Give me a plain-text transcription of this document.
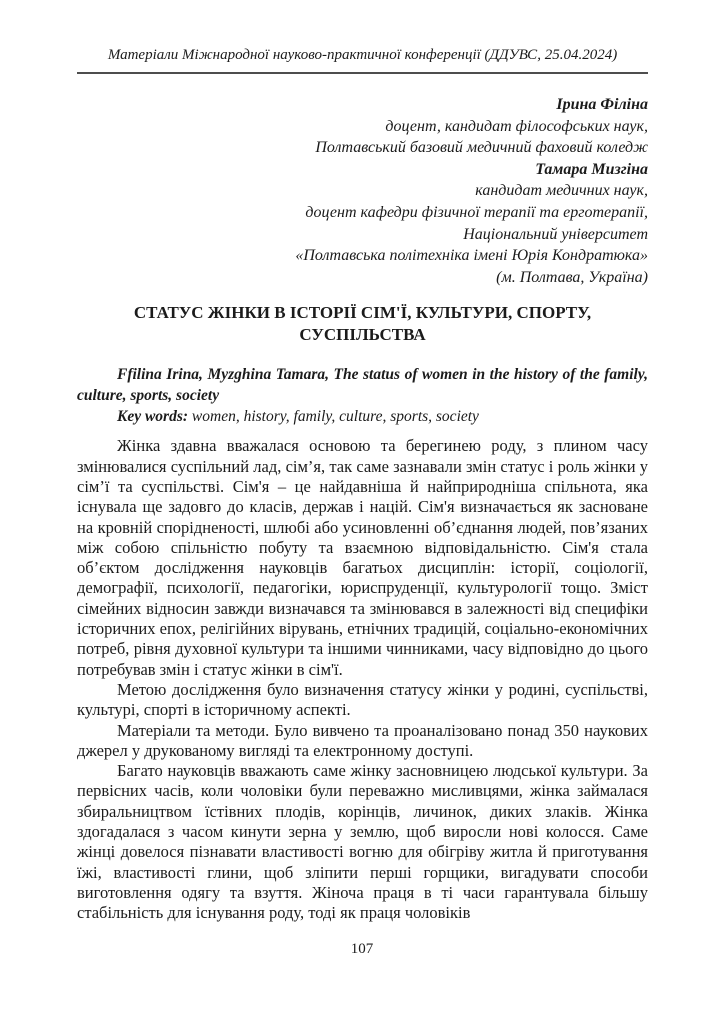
Матеріали Міжнародної науково-практичної конференції (ДДУВС, 25.04.2024)
Ірина Філіна
доцент, кандидат філософських наук,
Полтавський базовий медичний фаховий коледж
Тамара Мизгіна
кандидат медичних наук,
доцент кафедри фізичної терапії та ерготерапії,
Національний університет
«Полтавська політехніка імені Юрія Кондратюка»
(м. Полтава, Україна)
СТАТУС ЖІНКИ В ІСТОРІЇ СІМ'Ї, КУЛЬТУРИ, СПОРТУ, СУСПІЛЬСТВА

Ffilina Irina, Myzghina Tamara, The status of women in the history of the family, culture, sports, society

Key words: women, history, family, culture, sports, society

Жінка здавна вважалася основою та берегинею роду, з плином часу змінювалися суспільний лад, сім’я, так саме зазнавали змін статус і роль жінки у сім’ї та суспільстві. Сім'я – це найдавніша й найприродніша спільнота, яка існувала ще задовго до класів, держав і націй. Сім'я визначається як засноване на кровній спорідненості, шлюбі або усиновленні об’єднання людей, пов’язаних між собою спільністю побуту та взаємною відповідальністю. Сім'я стала об’єктом дослідження науковців багатьох дисциплін: історії, соціології, демографії, психології, педагогіки, юриспруденції, культурології тощо. Зміст сімейних відносин завжди визначався та змінювався в залежності від специфіки історичних епох, релігійних вірувань, етнічних традицій, соціально-економічних потреб, рівня духовної культури та іншими чинниками, часу відповідно до цього потребував змін і статус жінки в сім'ї.

Метою дослідження було визначення статусу жінки у родині, суспільстві, культурі, спорті в історичному аспекті.

Матеріали та методи. Було вивчено та проаналізовано понад 350 наукових джерел у друкованому вигляді та електронному доступі.

Багато науковців вважають саме жінку засновницею людської культури. За первісних часів, коли чоловіки були переважно мисливцями, жінка займалася збиральництвом їстівних плодів, корінців, личинок, диких злаків. Жінка здогадалася з часом кинути зерна у землю, щоб виросли нові колосся. Саме жінці довелося пізнавати властивості вогню для обігріву житла й приготування їжі, властивості глини, щоб зліпити перші горщики, вигадувати способи виготовлення одягу та взуття. Жіноча праця в ті часи гарантувала більшу стабільність для існування роду, тоді як праця чоловіків

107
